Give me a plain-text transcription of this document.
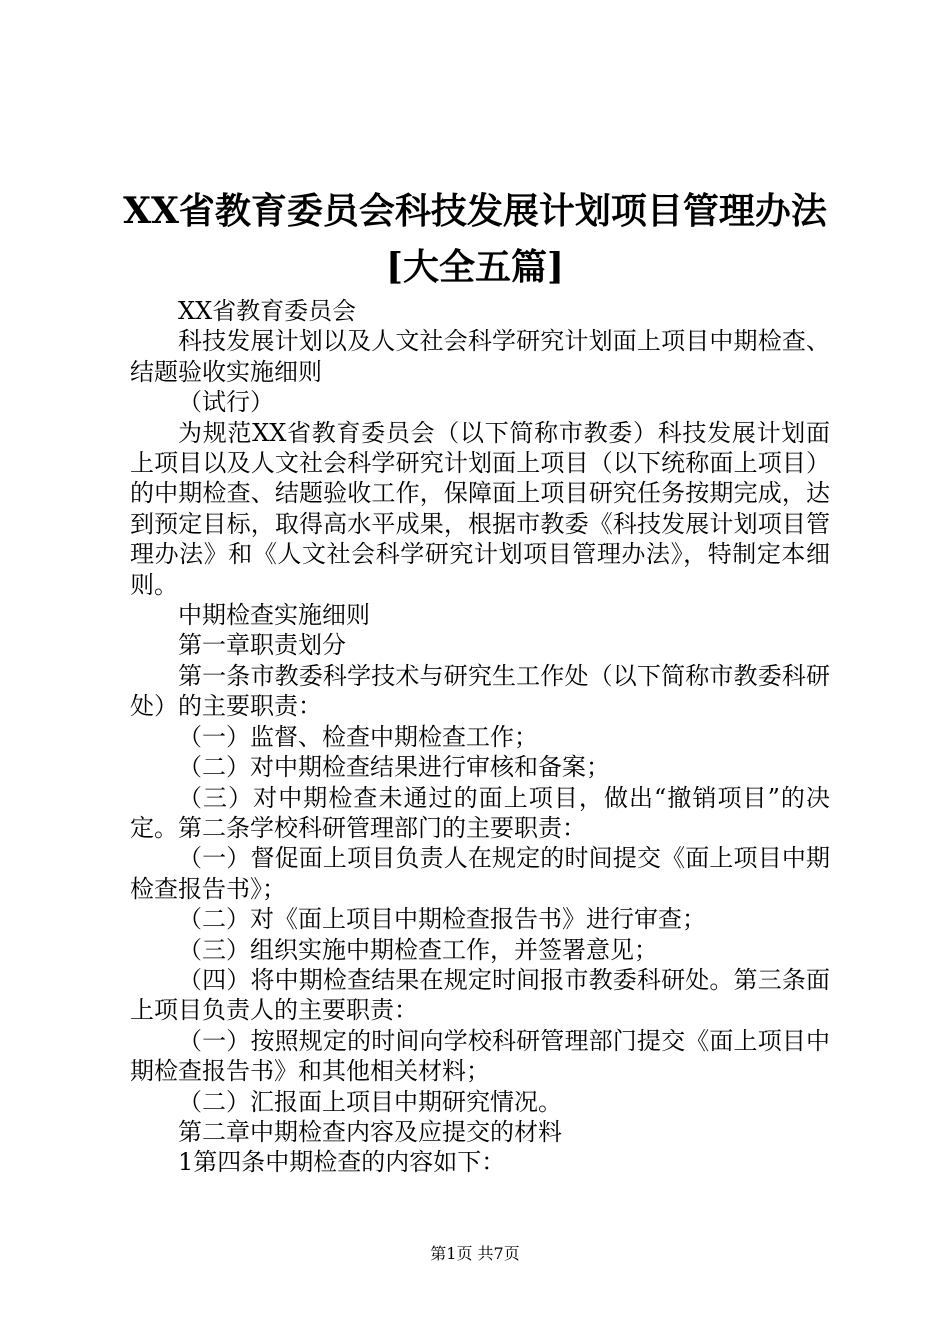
XX省教育委员会科技发展计划项目管理办法
[大全五篇]

XX省教育委员会

科技发展计划以及人文社会科学研究计划面上项目中期检查、结题验收实施细则

（试行）

为规范XX省教育委员会（以下简称市教委）科技发展计划面上项目以及人文社会科学研究计划面上项目（以下统称面上项目）的中期检查、结题验收工作，保障面上项目研究任务按期完成，达到预定目标，取得高水平成果，根据市教委《科技发展计划项目管理办法》和《人文社会科学研究计划项目管理办法》，特制定本细则。

中期检查实施细则

第一章职责划分

第一条市教委科学技术与研究生工作处（以下简称市教委科研处）的主要职责：

（一）监督、检查中期检查工作；

（二）对中期检查结果进行审核和备案；

（三）对中期检查未通过的面上项目，做出“撤销项目”的决定。第二条学校科研管理部门的主要职责：

（一）督促面上项目负责人在规定的时间提交《面上项目中期检查报告书》；

（二）对《面上项目中期检查报告书》进行审查；

（三）组织实施中期检查工作，并签署意见；

（四）将中期检查结果在规定时间报市教委科研处。第三条面上项目负责人的主要职责：

（一）按照规定的时间向学校科研管理部门提交《面上项目中期检查报告书》和其他相关材料；

（二）汇报面上项目中期研究情况。

第二章中期检查内容及应提交的材料

1第四条中期检查的内容如下：

第1页 共7页
